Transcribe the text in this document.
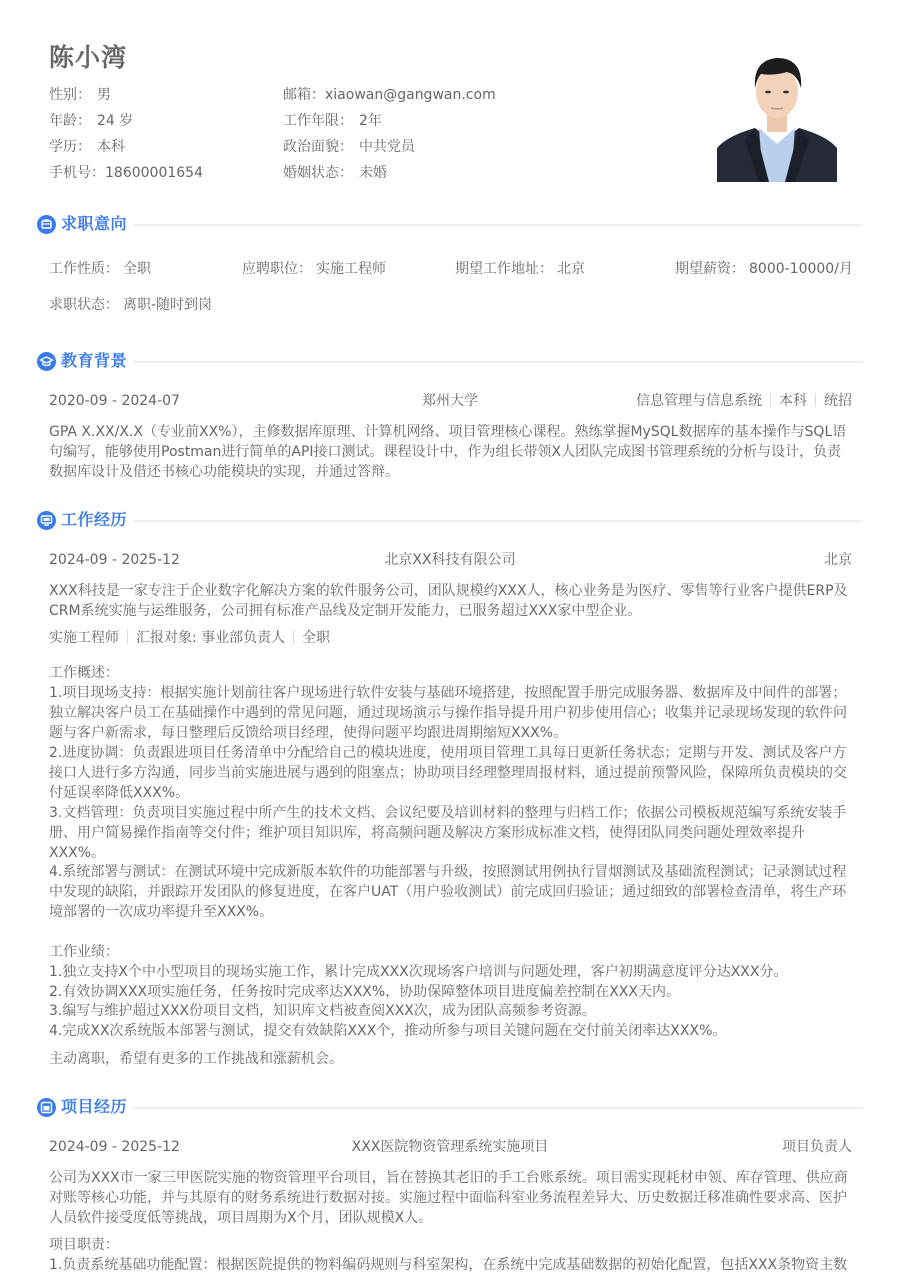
陈小湾
性别： 男
年龄： 24 岁
学历： 本科
手机号：18600001654
邮箱：xiaowan@gangwan.com
工作年限： 2年
政治面貌： 中共党员
婚姻状态： 未婚
求职意向
工作性质： 全职	应聘职位： 实施工程师	期望工作地址： 北京	期望薪资： 8000-10000/月
求职状态： 离职-随时到岗
教育背景
2020-09 - 2024-07	郑州大学	信息管理与信息系统 本科 统招
GPA X.XX/X.X（专业前XX%），主修数据库原理、计算机网络、项目管理核心课程。熟练掌握MySQL数据库的基本操作与SQL语句编写，能够使用Postman进行简单的API接口测试。课程设计中，作为组长带领X人团队完成图书管理系统的分析与设计，负责数据库设计及借还书核心功能模块的实现，并通过答辩。
工作经历
2024-09 - 2025-12	北京XX科技有限公司	北京
XXX科技是一家专注于企业数字化解决方案的软件服务公司，团队规模约XXX人，核心业务是为医疗、零售等行业客户提供ERP及CRM系统实施与运维服务，公司拥有标准产品线及定制开发能力，已服务超过XXX家中型企业。
实施工程师 汇报对象: 事业部负责人 全职
工作概述：
1.项目现场支持：根据实施计划前往客户现场进行软件安装与基础环境搭建，按照配置手册完成服务器、数据库及中间件的部署；独立解决客户员工在基础操作中遇到的常见问题，通过现场演示与操作指导提升用户初步使用信心；收集并记录现场发现的软件问题与客户新需求，每日整理后反馈给项目经理，使得问题平均跟进周期缩短XXX%。
2.进度协调：负责跟进项目任务清单中分配给自己的模块进度，使用项目管理工具每日更新任务状态；定期与开发、测试及客户方接口人进行多方沟通，同步当前实施进展与遇到的阻塞点；协助项目经理整理周报材料，通过提前预警风险，保障所负责模块的交付延误率降低XXX%。
3.文档管理：负责项目实施过程中所产生的技术文档、会议纪要及培训材料的整理与归档工作；依据公司模板规范编写系统安装手册、用户简易操作指南等交付件；维护项目知识库，将高频问题及解决方案形成标准文档，使得团队同类问题处理效率提升XXX%。
4.系统部署与测试：在测试环境中完成新版本软件的功能部署与升级，按照测试用例执行冒烟测试及基础流程测试；记录测试过程中发现的缺陷，并跟踪开发团队的修复进度，在客户UAT（用户验收测试）前完成回归验证；通过细致的部署检查清单，将生产环境部署的一次成功率提升至XXX%。
工作业绩：
1.独立支持X个中小型项目的现场实施工作，累计完成XXX次现场客户培训与问题处理，客户初期满意度评分达XXX分。
2.有效协调XXX项实施任务，任务按时完成率达XXX%，协助保障整体项目进度偏差控制在XXX天内。
3.编写与维护超过XXX份项目文档，知识库文档被查阅XXX次，成为团队高频参考资源。
4.完成XX次系统版本部署与测试，提交有效缺陷XXX个，推动所参与项目关键问题在交付前关闭率达XXX%。
主动离职，希望有更多的工作挑战和涨薪机会。
项目经历
2024-09 - 2025-12	XXX医院物资管理系统实施项目	项目负责人
公司为XXX市一家三甲医院实施的物资管理平台项目，旨在替换其老旧的手工台账系统。项目需实现耗材申领、库存管理、供应商对账等核心功能，并与其原有的财务系统进行数据对接。实施过程中面临科室业务流程差异大、历史数据迁移准确性要求高、医护人员软件接受度低等挑战，项目周期为X个月，团队规模X人。
项目职责：
1.负责系统基础功能配置：根据医院提供的物料编码规则与科室架构，在系统中完成基础数据的初始化配置，包括XXX条物资主数
